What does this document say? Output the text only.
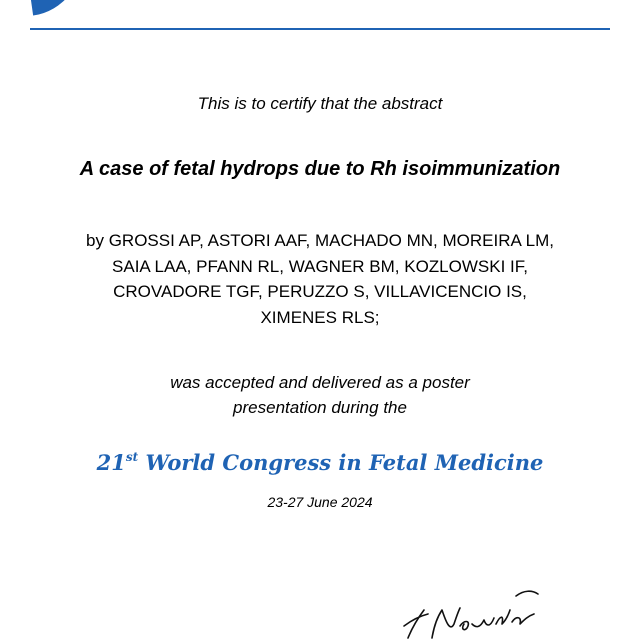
This is to certify that the abstract
A case of fetal hydrops due to Rh isoimmunization
by GROSSI AP, ASTORI AAF, MACHADO MN, MOREIRA LM,
SAIA LAA, PFANN RL, WAGNER BM, KOZLOWSKI IF,
CROVADORE TGF, PERUZZO S, VILLAVICENCIO IS,
XIMENES RLS;
was accepted and delivered as a poster
presentation during the
21st World Congress in Fetal Medicine
23-27 June 2024
